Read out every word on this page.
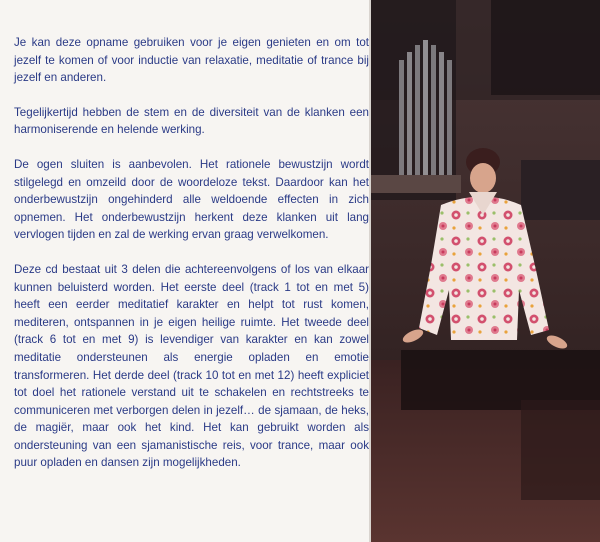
Je kan deze opname gebruiken voor je eigen genieten en om tot jezelf te komen of voor inductie van relaxatie, meditatie of trance bij jezelf en anderen.

Tegelijkertijd hebben de stem en de diversiteit van de klanken een harmoniserende en helende werking.

De ogen sluiten is aanbevolen. Het rationele bewustzijn wordt stilgelegd en omzeild door de woordeloze tekst. Daardoor kan het onderbewustzijn ongehinderd alle weldoende effecten in zich opnemen. Het onderbewustzijn herkent deze klanken uit lang vervlogen tijden en zal de werking ervan graag verwelkomen.

Deze cd bestaat uit 3 delen die achtereenvolgens of los van elkaar kunnen beluisterd worden. Het eerste deel (track 1 tot en met 5) heeft een eerder meditatief karakter en helpt tot rust komen, mediteren, ontspannen in je eigen heilige ruimte. Het tweede deel (track 6 tot en met 9) is levendiger van karakter en kan zowel meditatie ondersteunen als energie opladen en emotie transformeren. Het derde deel (track 10 tot en met 12) heeft expliciet tot doel het rationele verstand uit te schakelen en rechtstreeks te communiceren met verborgen delen in jezelf… de sjamaan, de heks, de magiër, maar ook het kind. Het kan gebruikt worden als ondersteuning van een sjamanistische reis, voor trance, maar ook puur opladen en dansen zijn mogelijkheden.
